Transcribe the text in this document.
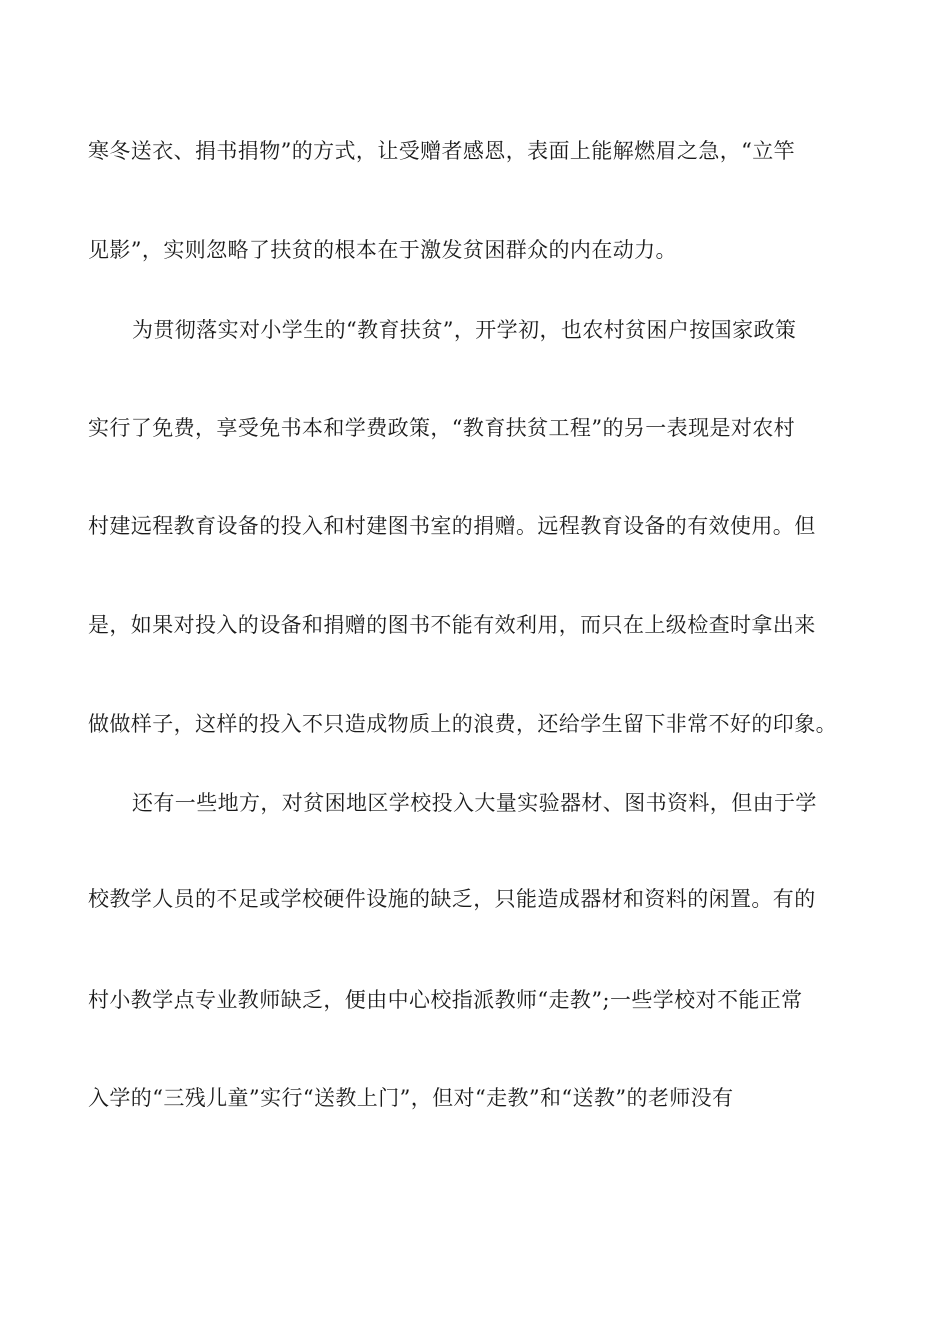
寒冬送衣、捐书捐物”的方式，让受赠者感恩，表面上能解燃眉之急，“立竿
见影”，实则忽略了扶贫的根本在于激发贫困群众的内在动力。
为贯彻落实对小学生的“教育扶贫”，开学初，也农村贫困户按国家政策
实行了免费，享受免书本和学费政策，“教育扶贫工程”的另一表现是对农村
村建远程教育设备的投入和村建图书室的捐赠。远程教育设备的有效使用。但
是，如果对投入的设备和捐赠的图书不能有效利用，而只在上级检查时拿出来
做做样子，这样的投入不只造成物质上的浪费，还给学生留下非常不好的印象。
还有一些地方，对贫困地区学校投入大量实验器材、图书资料，但由于学
校教学人员的不足或学校硬件设施的缺乏，只能造成器材和资料的闲置。有的
村小教学点专业教师缺乏，便由中心校指派教师“走教”;一些学校对不能正常
入学的“三残儿童”实行“送教上门”，但对“走教”和“送教”的老师没有
